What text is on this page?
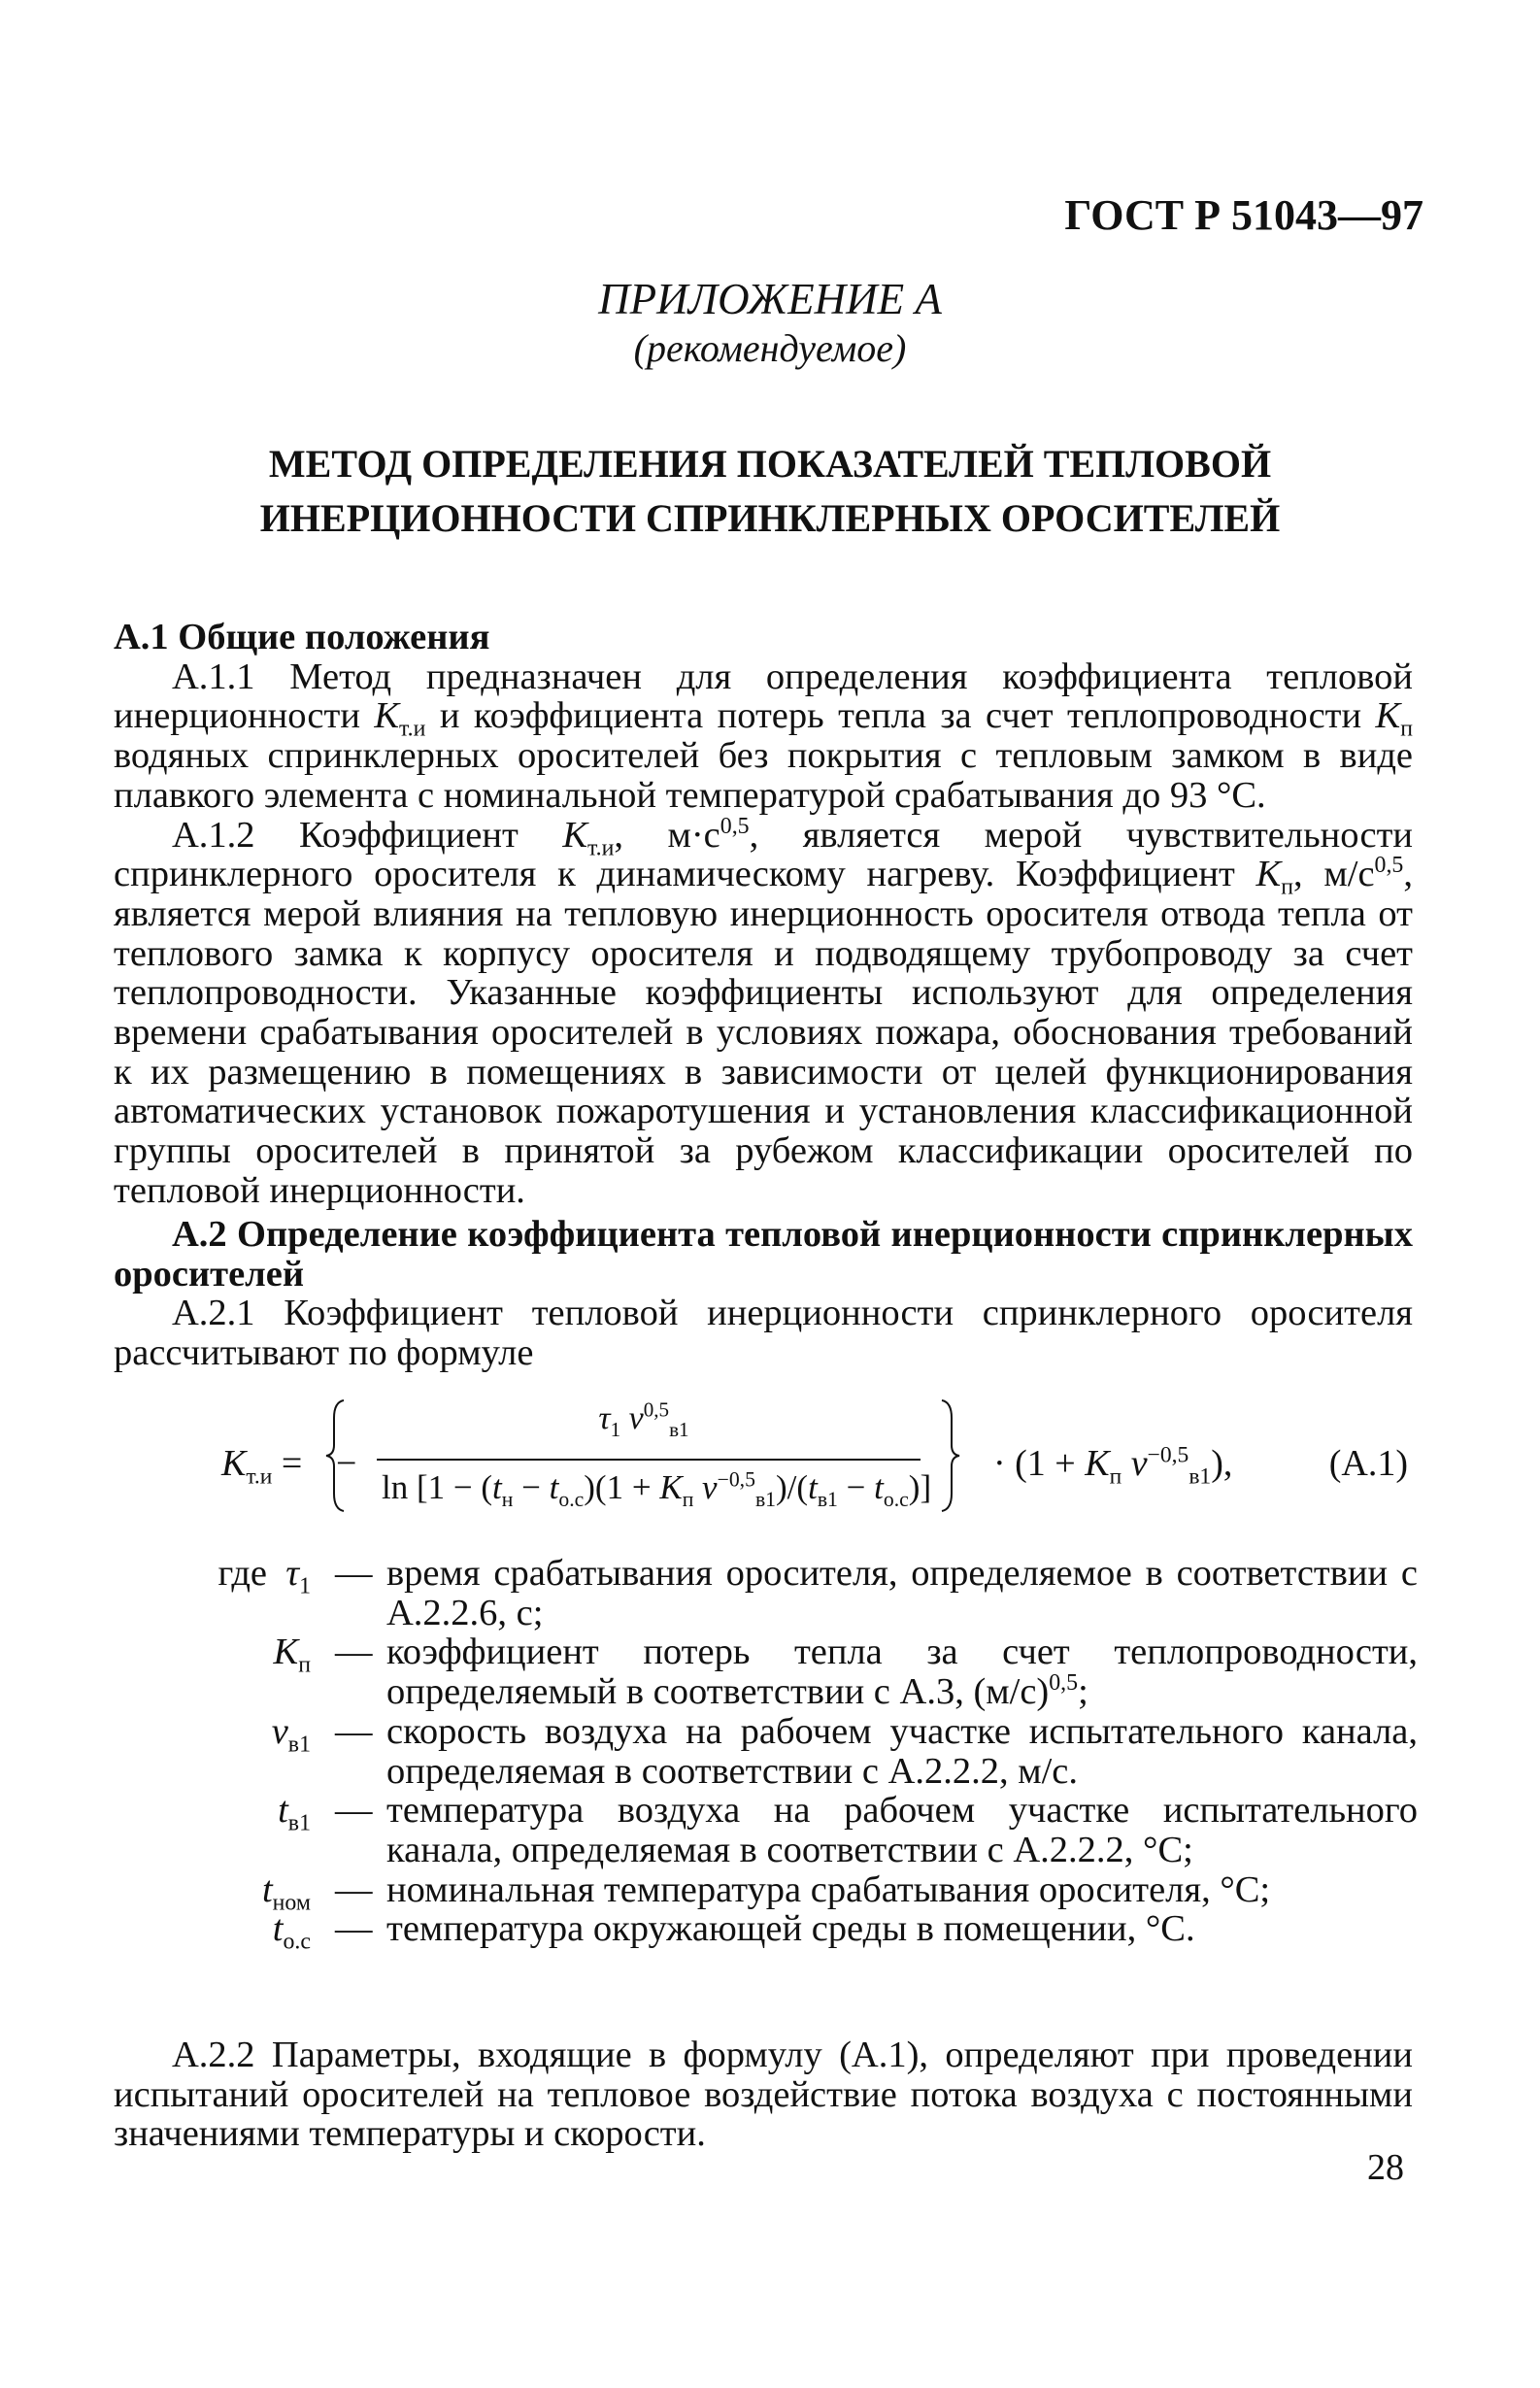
ГОСТ Р 51043—97
ПРИЛОЖЕНИЕ А
(рекомендуемое)
МЕТОД ОПРЕДЕЛЕНИЯ ПОКАЗАТЕЛЕЙ ТЕПЛОВОЙ
ИНЕРЦИОННОСТИ СПРИНКЛЕРНЫХ ОРОСИТЕЛЕЙ
А.1 Общие положения

А.1.1 Метод предназначен для определения коэффициента тепловой инерционности $K_{т.и}$ и коэффициента потерь тепла за счет теплопроводности $K_п$ водяных спринклерных оросителей без покрытия с тепловым замком в виде плавкого элемента с номинальной температурой срабатывания до 93 °С.

А.1.2 Коэффициент $K_{т.и}$, $м\cdot с^{0,5}$, является мерой чувствительности спринклерного оросителя к динамическому нагреву. Коэффициент $K_п$, $м/с^{0,5}$, является мерой влияния на тепловую инерционность оросителя отвода тепла от теплового замка к корпусу оросителя и подводящему трубопроводу за счет теплопроводности. Указанные коэффициенты используют для определения времени срабатывания оросителей в условиях пожара, обоснования требований к их размещению в помещениях в зависимости от целей функционирования автоматических установок пожаротушения и установления классификационной группы оросителей в принятой за рубежом классификации оросителей по тепловой инерционности.

А.2 Определение коэффициента тепловой инерционности спринклерных оросителей

А.2.1 Коэффициент тепловой инерционности спринклерного оросителя рассчитывают по формуле

$K_{т.и}$ = −
$\tau_1$ $v^{0,5}_{в1}$
$\ln [1 - (t_н - t_{о.с})(1 + K_п$ $v^{-0,5}_{в1})/(t_{в1} - t_{о.с})$]
· ($1 + K_п$ $v^{-0,5}_{в1}$),	(А.1)
где $\tau_1$ — время срабатывания оросителя, определяемое в соответствии с А.2.2.6, с;
$K_п$ — коэффициент потерь тепла за счет теплопроводности, определяемый в соответствии с А.3, $(м/с)^{0,5}$;
$v_{в1}$ — скорость воздуха на рабочем участке испытательного канала, определяемая в соответствии с А.2.2.2, м/с.
$t_{в1}$ — температура воздуха на рабочем участке испытательного канала, определяемая в соответствии с А.2.2.2, °С;
$t_{ном}$ — номинальная температура срабатывания оросителя, °С;
$t_{о.с}$ — температура окружающей среды в помещении, °С.

А.2.2 Параметры, входящие в формулу (А.1), определяют при проведении испытаний оросителей на тепловое воздействие потока воздуха с постоянными значениями температуры и скорости.

28
